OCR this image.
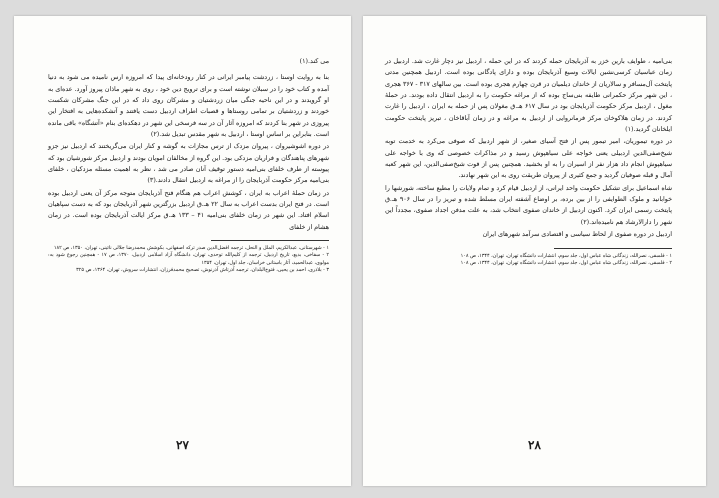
می کند.(۱)

بنا به روایت اوستا ، زردشت پیامبر ایرانی در کنار رودخانه‌ای پیدا که امروزه ارس نامیده می شود به دنیا آمده و کتاب خود را در سبلان نوشته است و برای ترویج دین خود ، روی به شهر ماذان پیروز آورد. عده‌ای به او گرویدند و در این ناحیه جنگی میان زردشتیان و مشرکان روی داد که در این جنگ مشرکان شکست خوردند و زردشتیان بر تمامی روستاها و قصبات اطراف اردبیل دست یافتند و آتشکده‌هایی به افتخار این پیروزی در شهر بنا کردند که امروزه آثار آن در سه فرسخی این شهر در دهکده‌ای بنام «آتشگاه» باقی مانده است. بنابراین بر اساس اوستا ، اردبیل به شهر مقدس تبدیل شد.(۲)

در دوره اشوشیروان ، پیروان مزدک از ترس مجازات به گوشه و کنار ایران می‌گریختند که اردبیل نیز جزو شهرهای پناهندگان و فراریان مزدکی بود. این گروه از مخالفان امویان بودند و اردبیل مرکز شورشیان بود که پیوسته از طرف خلفای بنی‌امیه دستور توقیف آنان صادر می شد ، نظر به اهمیت مسئله مزدکیان ، خلفای بنی‌امیه مرکز حکومت آذربایجان را از مراغه به اردبیل انتقال دادند.(۳)

در زمان حملهٔ اعراب به ایران ، کوشش اعراب هم هنگام فتح آذربایجان متوجه مرکز آن یعنی اردبیل بوده است. در فتح ایران بدست اعراب به سال ۲۲ هـ.ق اردبیل بزرگترین شهر آذربایجان بود که به دست سپاهیان اسلام افتاد. این شهر در زمان خلفای بنی‌امیه ۴۱ – ۱۳۳ هـ.ق مرکز ایالت آذربایجان بوده است. در زمان هشام از خلفای

۱ - شهرستانی، عبدالکریم، الملل و النحل، ترجمه افضل‌الدین صدر ترکه اصفهانی، بکوشش محمدرضا جلالی نائینی، تهران، ۱۳۵۰، ص ۱۸۲

۲ - سفاخی، بدیع، تاریخ اردبیل، ترجمه از کلیم‌الله توحدی، تهران، دانشگاه آزاد اسلامی اردبیل، ۱۳۷۰، ص ۱۷ - همچنین رجوع شود به: مولوی، عبدالحمید، آثار باستانی خراسان، جلد اول، تهران، ۱۳۵۴

۳ - بلاذری، احمد بن یحیی، فتوح‌البلدان، ترجمه آذرتاش آذرنوش، تصحیح محمدفرزان، انتشارات سروش، تهران، ۱۳۶۴، ص ۳۲۵

۲۷

بنی‌امیه ، طوایف بارین خزر به آذربایجان حمله کردند که در این حمله ، اردبیل نیز دچار غارت شد. اردبیل در زمان عباسیان کرسی‌نشین ایالات وسیع آذربایجان بوده و دارای پادگانی بوده است. اردبیل همچنین مدتی پایتخت آل‌مسافر و سالاریان از خاندان دیلمیان در قرن چهارم هجری بوده است. بین سالهای ۳۱۷ - ۳۶۷ هجری ، این شهر مرکز حکمرانی طایفه بنی‌ساج بوده که از مراغه حکومت را به اردبیل انتقال داده بودند. در حملهٔ مغول ، اردبیل مرکز حکومت آذربایجان بود در سال ۶۱۷ هـ.ق مغولان پس از حمله به ایران ، اردبیل را غارت کردند. در زمان هلاکوخان مرکز فرمانروایی از اردبیل به مراغه و در زمان آباقاخان ، تبریز پایتخت حکومت ایلخانان گردید.(۱)

در دوره تیموریان، امیر تیمور پس از فتح آسیای صغیر، از شهر اردبیل که صوفی می‌کرد به خدمت توبه شیخ‌صفی‌الدین اردبیلی یعنی خواجه علی سیاهپوش رسید و در مذاکرات خصوصی که وی با خواجه علی سیاهپوش انجام داد هزار نفر از اسیران را به او بخشید. همچنین پس از فوت شیخ‌صفی‌الدین، این شهر کعبه آمال و قبله صوفیان گردید و جمع کثیری از پیروان طریقت روی به این شهر نهادند.

شاه اسماعیل برای تشکیل حکومت واحد ایرانی، از اردبیل قیام کرد و تمام ولایات را مطیع ساخته، شورشها را خوابانید و ملوک الطوایفی را از بین برده، بر اوضاع آشفته ایران مسلط شده و تبریز را در سال ۹۰۶ هـ.ق پایتخت رسمی ایران کرد. اکنون اردبیل از خاندان صفوی انتخاب شد، به علت مدفن اجداد صفوی، مجدداً این شهر را دارالارشاد هم نامیده‌اند.(۲)

اردبیل در دوره صفوی از لحاظ سیاسی و اقتصادی سرآمد شهرهای ایران

۱ - فلسفی، نصرالله، زندگانی شاه عباس اول، جلد سوم، انتشارات دانشگاه تهران، تهران، ۱۳۴۴، ص ۱۰۸

۲ - فلسفی، نصرالله، زندگانی شاه عباس اول، جلد سوم، انتشارات دانشگاه تهران، تهران، ۱۳۴۴، ص ۱۰۸

۲۸
